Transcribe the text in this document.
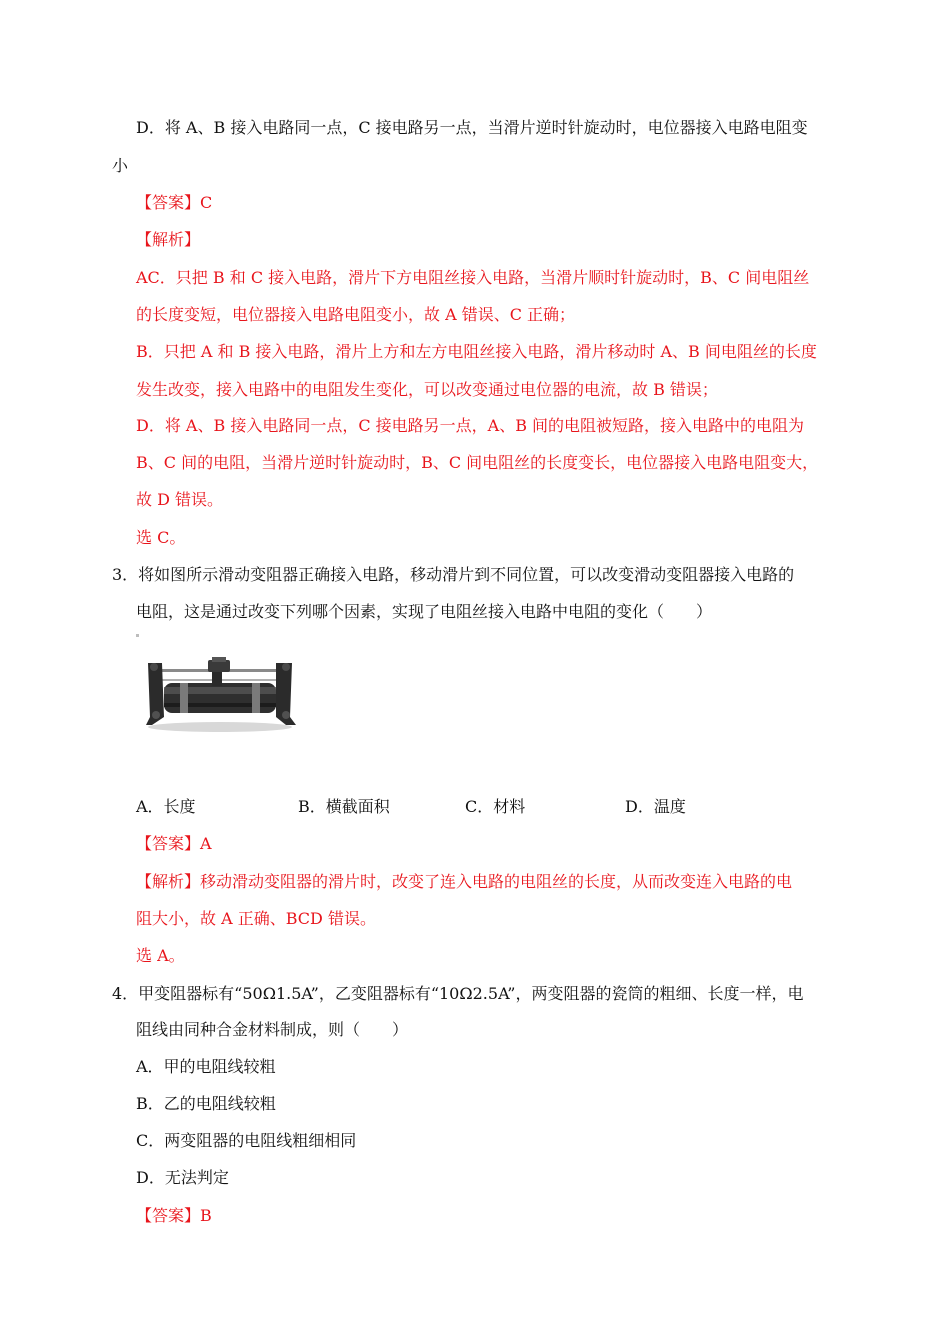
D．将 A、B 接入电路同一点，C 接电路另一点，当滑片逆时针旋动时，电位器接入电路电阻变
小
【答案】C
【解析】
AC．只把 B 和 C 接入电路，滑片下方电阻丝接入电路，当滑片顺时针旋动时，B、C 间电阻丝
的长度变短，电位器接入电路电阻变小，故 A 错误、C 正确；
B．只把 A 和 B 接入电路，滑片上方和左方电阻丝接入电路，滑片移动时 A、B 间电阻丝的长度
发生改变，接入电路中的电阻发生变化，可以改变通过电位器的电流，故 B 错误；
D．将 A、B 接入电路同一点，C 接电路另一点，A、B 间的电阻被短路，接入电路中的电阻为
B、C 间的电阻，当滑片逆时针旋动时，B、C 间电阻丝的长度变长，电位器接入电路电阻变大，
故 D 错误。
选 C。
3．将如图所示滑动变阻器正确接入电路，移动滑片到不同位置，可以改变滑动变阻器接入电路的
电阻，这是通过改变下列哪个因素，实现了电阻丝接入电路中电阻的变化（　　）
A．长度	B．横截面积	C．材料	D．温度
【答案】A
【解析】移动滑动变阻器的滑片时，改变了连入电路的电阻丝的长度，从而改变连入电路的电
阻大小，故 A 正确、BCD 错误。
选 A。
4．甲变阻器标有“50Ω1.5A”，乙变阻器标有“10Ω2.5A”，两变阻器的瓷筒的粗细、长度一样，电
阻线由同种合金材料制成，则（　　）
A．甲的电阻线较粗
B．乙的电阻线较粗
C．两变阻器的电阻线粗细相同
D．无法判定
【答案】B
